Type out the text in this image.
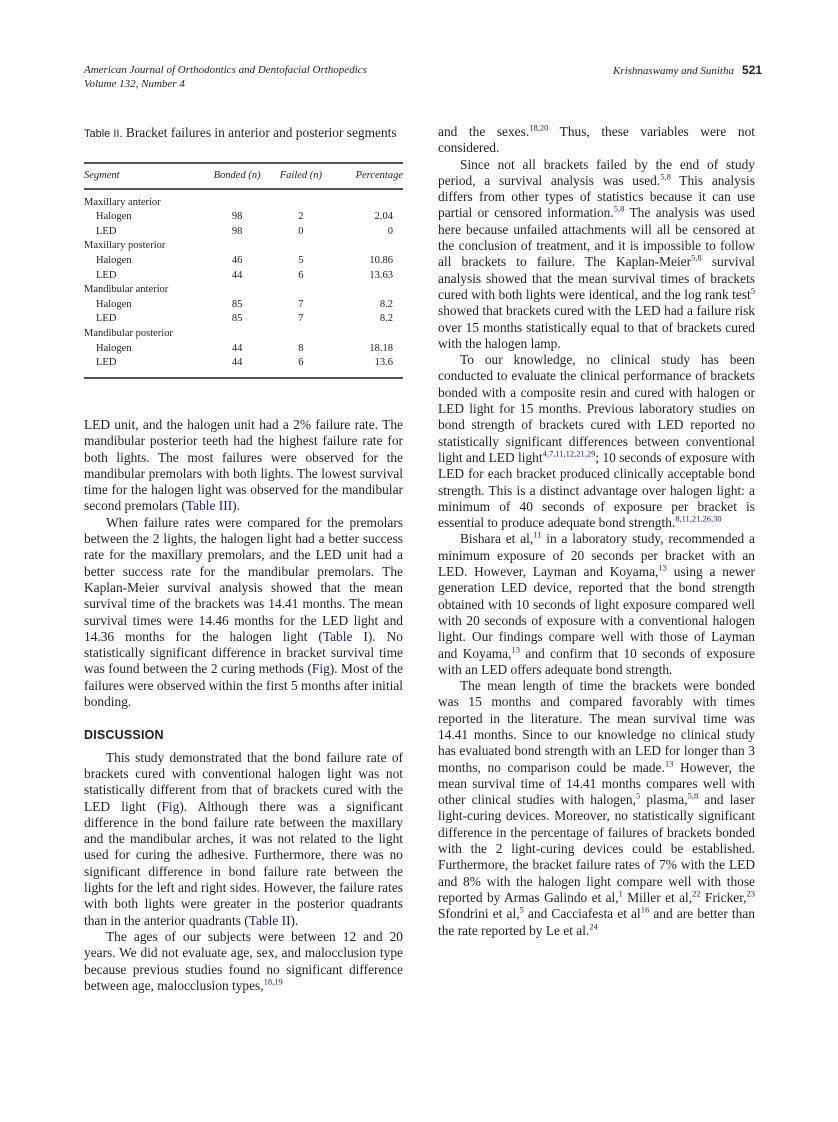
American Journal of Orthodontics and Dentofacial Orthopedics
Volume 132, Number 4
Krishnaswamy and Sunitha 521
Table II. Bracket failures in anterior and posterior segments
Segment	Bonded (n)	Failed (n)	Percentage
Maxillary anterior			
Halogen	98	2	2.04
LED	98	0	0
Maxillary posterior			
Halogen	46	5	10.86
LED	44	6	13.63
Mandibular anterior			
Halogen	85	7	8.2
LED	85	7	8.2
Mandibular posterior			
Halogen	44	8	18.18
LED	44	6	13.6

LED unit, and the halogen unit had a 2% failure rate. The mandibular posterior teeth had the highest failure rate for both lights. The most failures were observed for the mandibular premolars with both lights. The lowest survival time for the halogen light was observed for the mandibular second premolars (Table III).

When failure rates were compared for the premolars between the 2 lights, the halogen light had a better success rate for the maxillary premolars, and the LED unit had a better success rate for the mandibular premolars. The Kaplan-Meier survival analysis showed that the mean survival time of the brackets was 14.41 months. The mean survival times were 14.46 months for the LED light and 14.36 months for the halogen light (Table I). No statistically significant difference in bracket survival time was found between the 2 curing methods (Fig). Most of the failures were observed within the first 5 months after initial bonding.

DISCUSSION

This study demonstrated that the bond failure rate of brackets cured with conventional halogen light was not statistically different from that of brackets cured with the LED light (Fig). Although there was a significant difference in the bond failure rate between the maxillary and the mandibular arches, it was not related to the light used for curing the adhesive. Furthermore, there was no significant difference in bond failure rate between the lights for the left and right sides. However, the failure rates with both lights were greater in the posterior quadrants than in the anterior quadrants (Table II).

The ages of our subjects were between 12 and 20 years. We did not evaluate age, sex, and malocclusion type because previous studies found no significant difference between age, malocclusion types,$^{18,19}$

and the sexes.$^{18,20}$ Thus, these variables were not considered.

Since not all brackets failed by the end of study period, a survival analysis was used.$^{5,8}$ This analysis differs from other types of statistics because it can use partial or censored information.$^{5,8}$ The analysis was used here because unfailed attachments will all be censored at the conclusion of treatment, and it is impossible to follow all brackets to failure. The Kaplan-Meier$^{5,8}$ survival analysis showed that the mean survival times of brackets cured with both lights were identical, and the log rank test$^5$ showed that brackets cured with the LED had a failure risk over 15 months statistically equal to that of brackets cured with the halogen lamp.

To our knowledge, no clinical study has been conducted to evaluate the clinical performance of brackets bonded with a composite resin and cured with halogen or LED light for 15 months. Previous laboratory studies on bond strength of brackets cured with LED reported no statistically significant differences between conventional light and LED light$^{4,7,11,12,21,29}$; 10 seconds of exposure with LED for each bracket produced clinically acceptable bond strength. This is a distinct advantage over halogen light: a minimum of 40 seconds of exposure per bracket is essential to produce adequate bond strength.$^{8,11,21,26,30}$

Bishara et al,$^{11}$ in a laboratory study, recommended a minimum exposure of 20 seconds per bracket with an LED. However, Layman and Koyama,$^{13}$ using a newer generation LED device, reported that the bond strength obtained with 10 seconds of light exposure compared well with 20 seconds of exposure with a conventional halogen light. Our findings compare well with those of Layman and Koyama,$^{13}$ and confirm that 10 seconds of exposure with an LED offers adequate bond strength.

The mean length of time the brackets were bonded was 15 months and compared favorably with times reported in the literature. The mean survival time was 14.41 months. Since to our knowledge no clinical study has evaluated bond strength with an LED for longer than 3 months, no comparison could be made.$^{13}$ However, the mean survival time of 14.41 months compares well with other clinical studies with halogen,$^5$ plasma,$^{5,8}$ and laser light-curing devices. Moreover, no statistically significant difference in the percentage of failures of brackets bonded with the 2 light-curing devices could be established. Furthermore, the bracket failure rates of 7% with the LED and 8% with the halogen light compare well with those reported by Armas Galindo et al,$^1$ Miller et al,$^{22}$ Fricker,$^{23}$ Sfondrini et al,$^5$ and Cacciafesta et $al^{16}$ and are better than the rate reported by Le et al.$^{24}$
